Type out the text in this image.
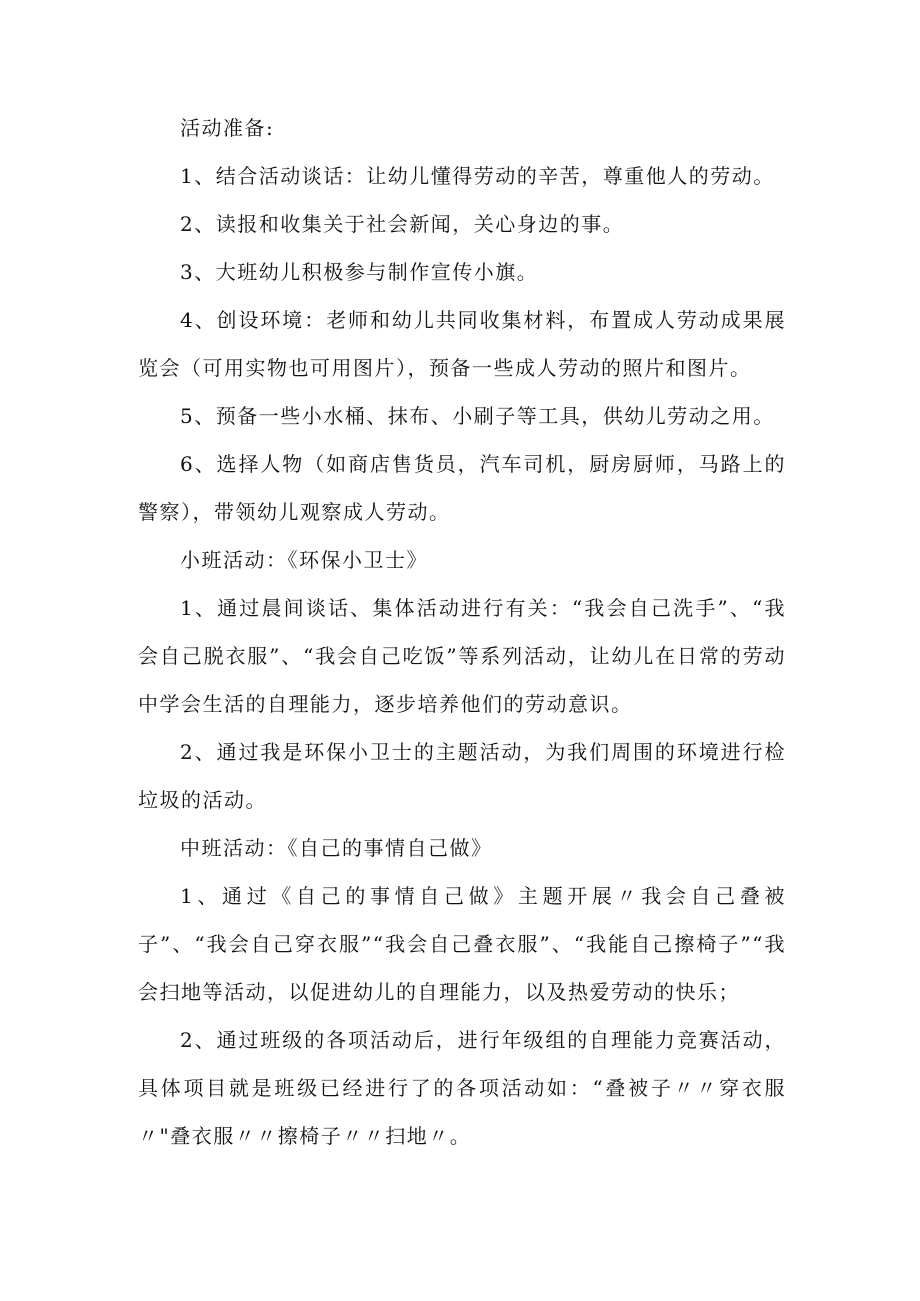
活动准备:

1、结合活动谈话：让幼儿懂得劳动的辛苦，尊重他人的劳动。

2、读报和收集关于社会新闻，关心身边的事。

3、大班幼儿积极参与制作宣传小旗。

4、创设环境：老师和幼儿共同收集材料，布置成人劳动成果展览会（可用实物也可用图片），预备一些成人劳动的照片和图片。

5、预备一些小水桶、抹布、小刷子等工具，供幼儿劳动之用。

6、选择人物（如商店售货员，汽车司机，厨房厨师，马路上的警察），带领幼儿观察成人劳动。

小班活动：《环保小卫士》

1、通过晨间谈话、集体活动进行有关：“我会自己洗手”、“我会自己脱衣服”、“我会自己吃饭”等系列活动，让幼儿在日常的劳动中学会生活的自理能力，逐步培养他们的劳动意识。

2、通过我是环保小卫士的主题活动，为我们周围的环境进行检垃圾的活动。

中班活动：《自己的事情自己做》

1、通过《自己的事情自己做》主题开展〃我会自己叠被子”、“我会自己穿衣服”“我会自己叠衣服”、“我能自己擦椅子”“我会扫地等活动，以促进幼儿的自理能力，以及热爱劳动的快乐；

2、通过班级的各项活动后，进行年级组的自理能力竞赛活动，具体项目就是班级已经进行了的各项活动如：“叠被子〃〃穿衣服〃"叠衣服〃〃擦椅子〃〃扫地〃。
